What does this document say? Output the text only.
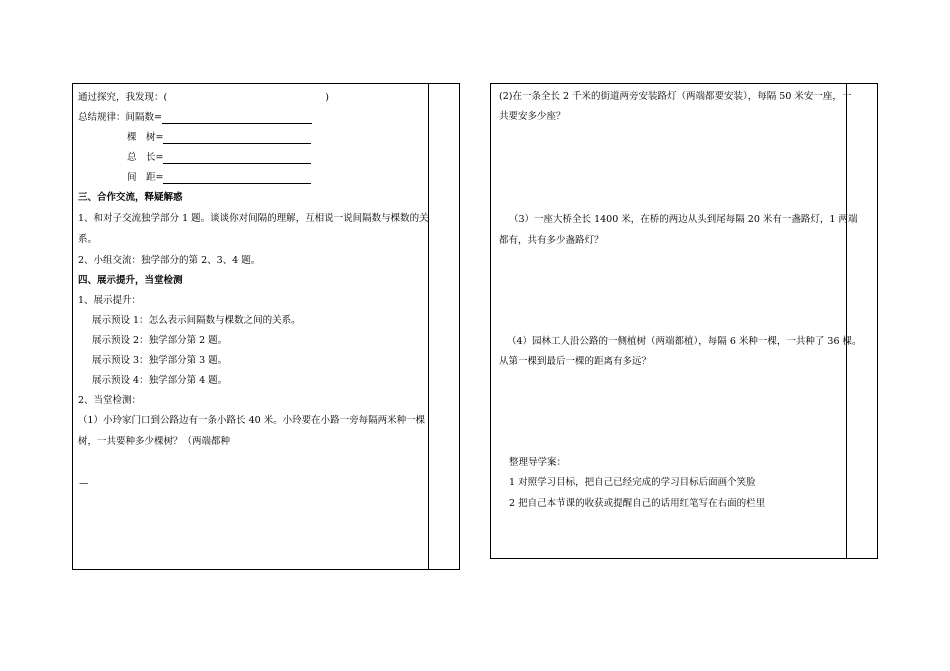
通过探究，我发现：(	)
总结规律：间隔数=
棵　树=
总　长=
间　距=
三、合作交流，释疑解惑
1、和对子交流独学部分 1 题。谈谈你对间隔的理解，互相说一说间隔数与棵数的关
系。
2、小组交流：独学部分的第 2、3、4 题。
四、展示提升，当堂检测
1、展示提升：
展示预设 1：怎么表示间隔数与棵数之间的关系。
展示预设 2：独学部分第 2 题。
展示预设 3：独学部分第 3 题。
展示预设 4：独学部分第 4 题。
2、当堂检测：
（1）小玲家门口到公路边有一条小路长 40 米。小玲要在小路一旁每隔两米种一棵
树，一共要种多少棵树？（两端都种
—
(2)在一条全长 2 千米的街道两旁安装路灯（两端都要安装），每隔 50 米安一座，一
共要安多少座？
（3）一座大桥全长 1400 米，在桥的两边从头到尾每隔 20 米有一盏路灯，1 两端
都有，共有多少盏路灯？
（4）园林工人沿公路的一侧植树（两端都植），每隔 6 米种一棵，一共种了 36 棵。
从第一棵到最后一棵的距离有多远？
整理导学案：
1 对照学习目标，把自己已经完成的学习目标后面画个笑脸
2 把自己本节课的收获或提醒自己的话用红笔写在右面的栏里
